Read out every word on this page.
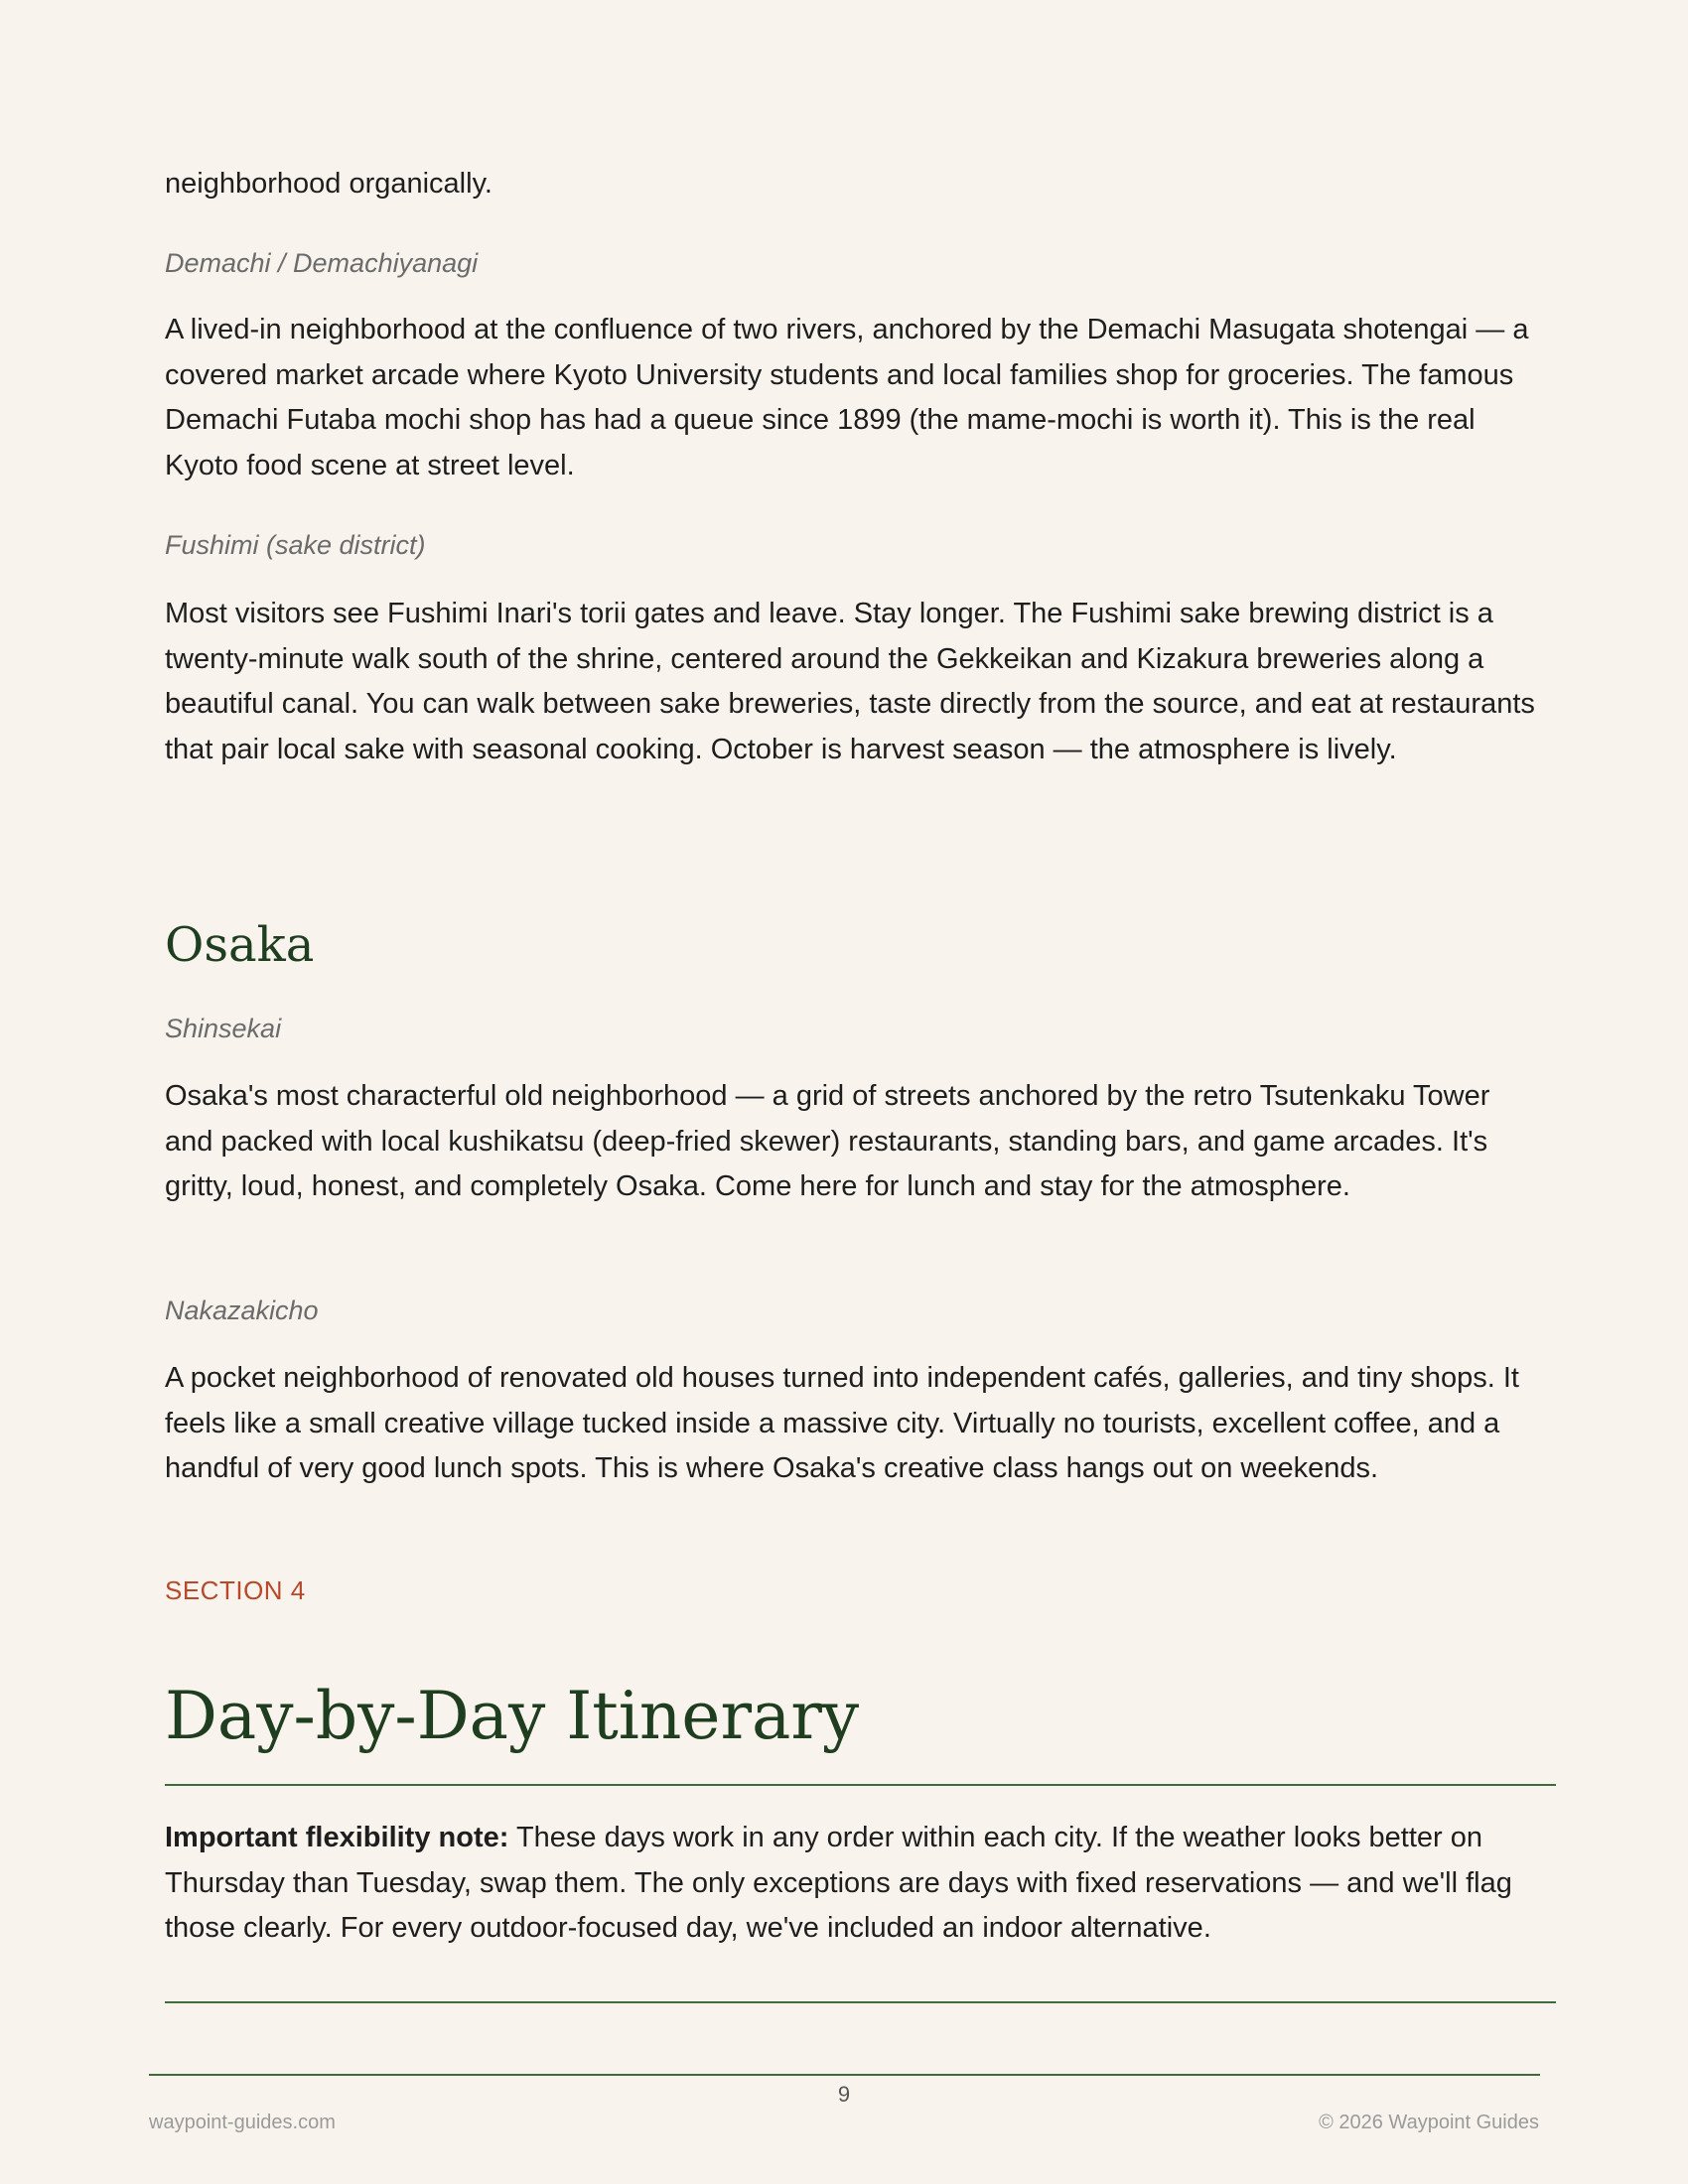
neighborhood organically.

Demachi / Demachiyanagi

A lived-in neighborhood at the confluence of two rivers, anchored by the Demachi Masugata shotengai — a covered market arcade where Kyoto University students and local families shop for groceries. The famous Demachi Futaba mochi shop has had a queue since 1899 (the mame-mochi is worth it). This is the real Kyoto food scene at street level.

Fushimi (sake district)

Most visitors see Fushimi Inari's torii gates and leave. Stay longer. The Fushimi sake brewing district is a twenty-minute walk south of the shrine, centered around the Gekkeikan and Kizakura breweries along a beautiful canal. You can walk between sake breweries, taste directly from the source, and eat at restaurants that pair local sake with seasonal cooking. October is harvest season — the atmosphere is lively.

Osaka

Shinsekai

Osaka's most characterful old neighborhood — a grid of streets anchored by the retro Tsutenkaku Tower and packed with local kushikatsu (deep-fried skewer) restaurants, standing bars, and game arcades. It's gritty, loud, honest, and completely Osaka. Come here for lunch and stay for the atmosphere.

Nakazakicho

A pocket neighborhood of renovated old houses turned into independent cafés, galleries, and tiny shops. It feels like a small creative village tucked inside a massive city. Virtually no tourists, excellent coffee, and a handful of very good lunch spots. This is where Osaka's creative class hangs out on weekends.

SECTION 4

Day-by-Day Itinerary

Important flexibility note: These days work in any order within each city. If the weather looks better on Thursday than Tuesday, swap them. The only exceptions are days with fixed reservations — and we'll flag those clearly. For every outdoor-focused day, we've included an indoor alternative.

9
waypoint-guides.com	© 2026 Waypoint Guides
